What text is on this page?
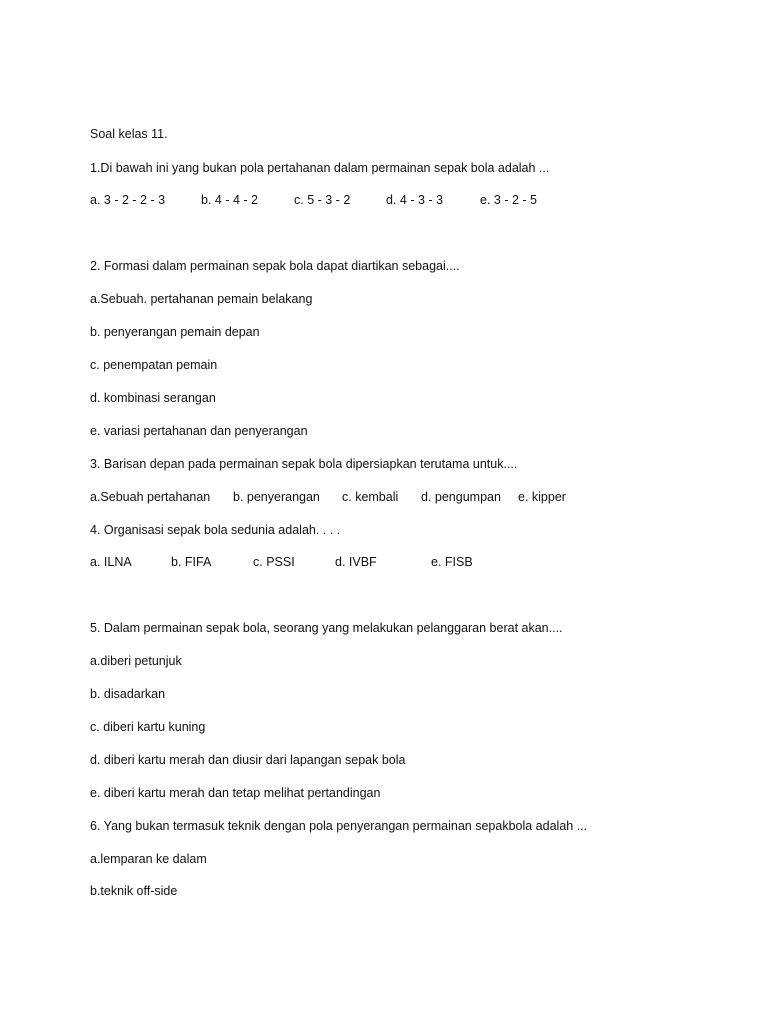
Soal kelas 11.
1.Di bawah ini yang bukan pola pertahanan dalam permainan sepak bola adalah ...
a. 3 - 2 - 2 - 3	b. 4 - 4 - 2	c. 5 - 3 - 2	d. 4 - 3 - 3	e. 3 - 2 - 5
2. Formasi dalam permainan sepak bola dapat diartikan sebagai....
a.Sebuah. pertahanan pemain belakang
b. penyerangan pemain depan
c. penempatan pemain
d. kombinasi serangan
e. variasi pertahanan dan penyerangan
3. Barisan depan pada permainan sepak bola dipersiapkan terutama untuk....
a.Sebuah pertahanan b. penyerangan c. kembali d. pengumpan e. kipper
4. Organisasi sepak bola sedunia adalah. . . .
a. ILNA	b. FIFA	c. PSSI	d. IVBF	e. FISB
5. Dalam permainan sepak bola, seorang yang melakukan pelanggaran berat akan....
a.diberi petunjuk
b. disadarkan
c. diberi kartu kuning
d. diberi kartu merah dan diusir dari lapangan sepak bola
e. diberi kartu merah dan tetap melihat pertandingan
6. Yang bukan termasuk teknik dengan pola penyerangan permainan sepakbola adalah ...
a.lemparan ke dalam
b.teknik off-side
